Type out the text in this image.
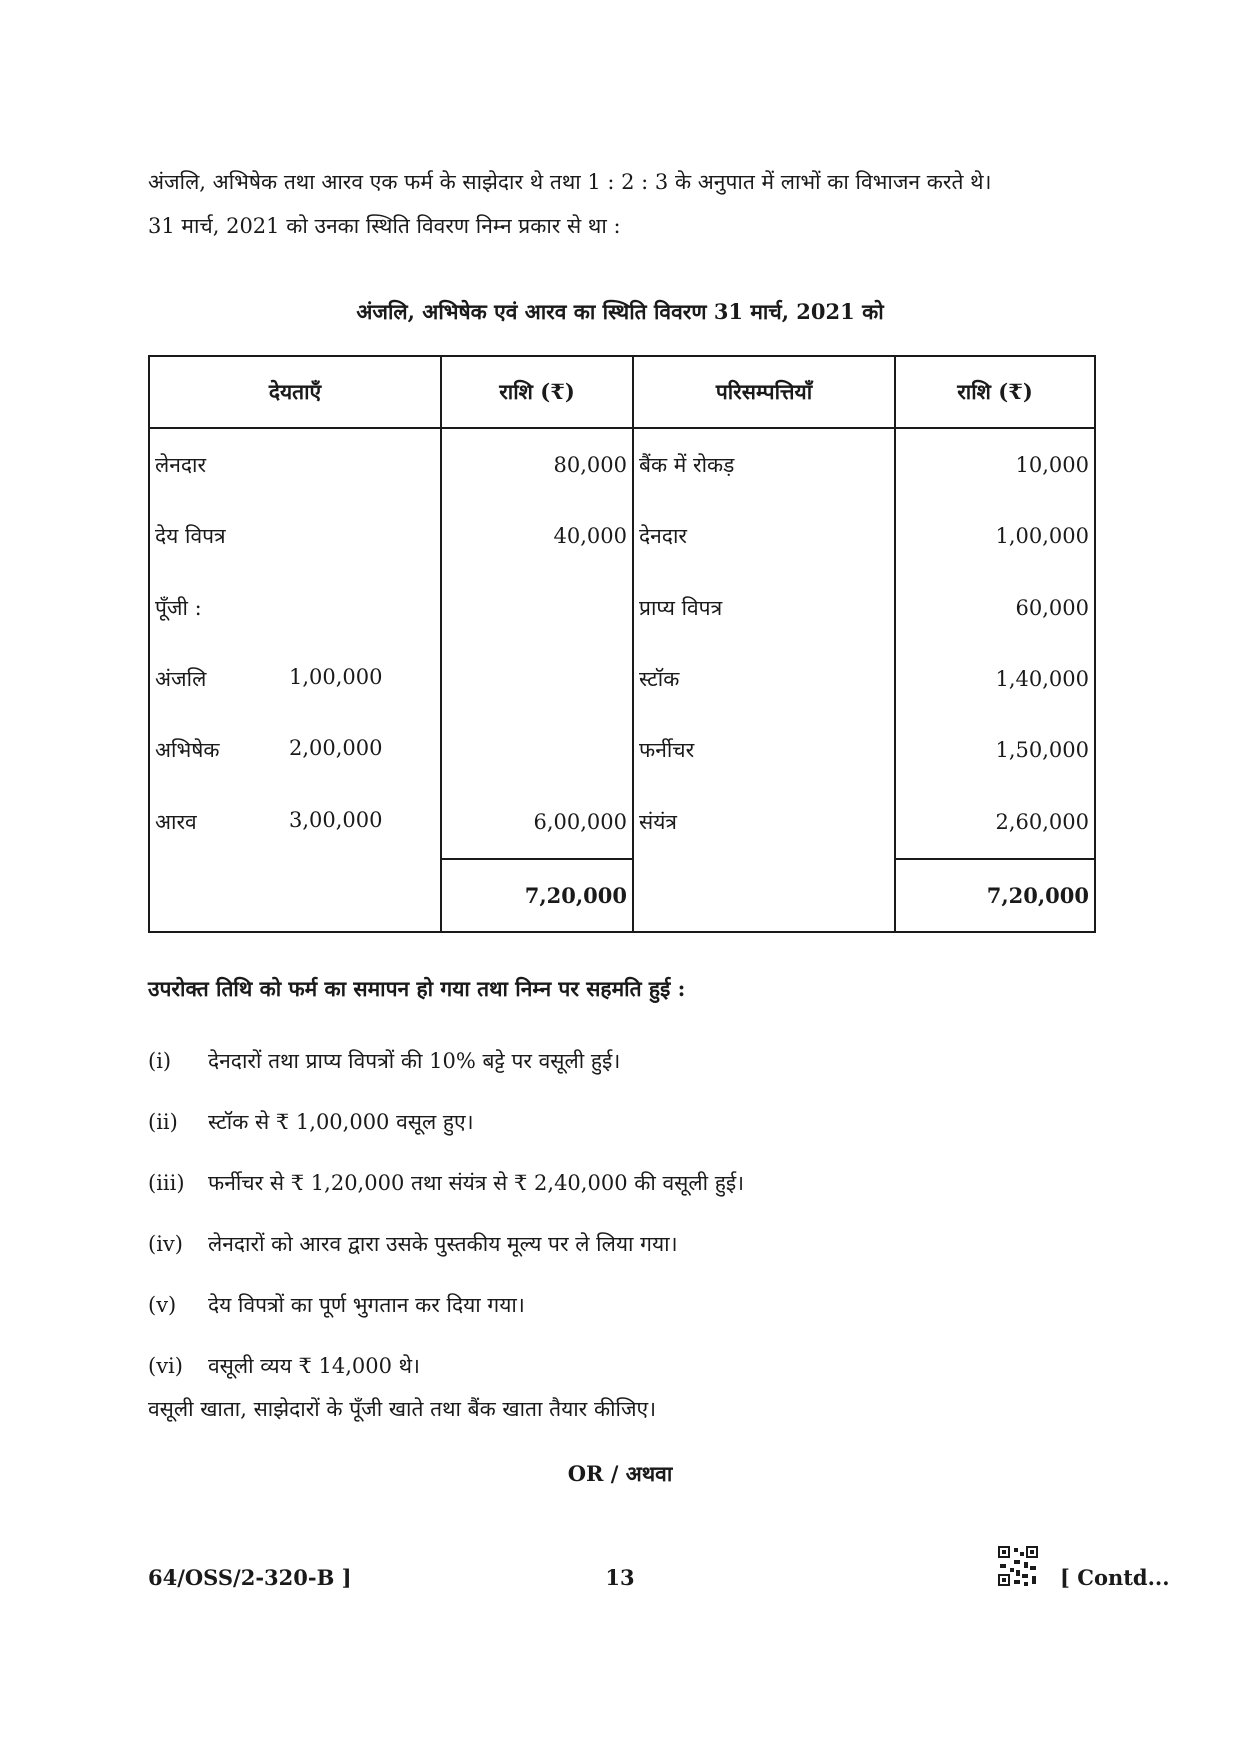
अंजलि, अभिषेक तथा आरव एक फर्म के साझेदार थे तथा 1 : 2 : 3 के अनुपात में लाभों का विभाजन करते थे।

31 मार्च, 2021 को उनका स्थिति विवरण निम्न प्रकार से था :

अंजलि, अभिषेक एवं आरव का स्थिति विवरण 31 मार्च, 2021 को
देयताएँ	राशि (₹)	परिसम्पत्तियाँ	राशि (₹)

लेनदार	80,000	बैंक में रोकड़	10,000

देय विपत्र	40,000	देनदार	1,00,000

पूँजी :		प्राप्य विपत्र	60,000

अंजलि 1,00,000		स्टॉक	1,40,000

अभिषेक 2,00,000		फर्नीचर	1,50,000

आरव 3,00,000	6,00,000	संयंत्र	2,60,000
	7,20,000		7,20,000
उपरोक्त तिथि को फर्म का समापन हो गया तथा निम्न पर सहमति हुई :
(i)	देनदारों तथा प्राप्य विपत्रों की 10% बट्टे पर वसूली हुई।
(ii)	स्टॉक से ₹ 1,00,000 वसूल हुए।
(iii)	फर्नीचर से ₹ 1,20,000 तथा संयंत्र से ₹ 2,40,000 की वसूली हुई।
(iv)	लेनदारों को आरव द्वारा उसके पुस्तकीय मूल्य पर ले लिया गया।
(v)	देय विपत्रों का पूर्ण भुगतान कर दिया गया।
(vi)	वसूली व्यय ₹ 14,000 थे।
वसूली खाता, साझेदारों के पूँजी खाते तथा बैंक खाता तैयार कीजिए।
OR / अथवा
64/OSS/2-320-B ]	13	[ Contd...
